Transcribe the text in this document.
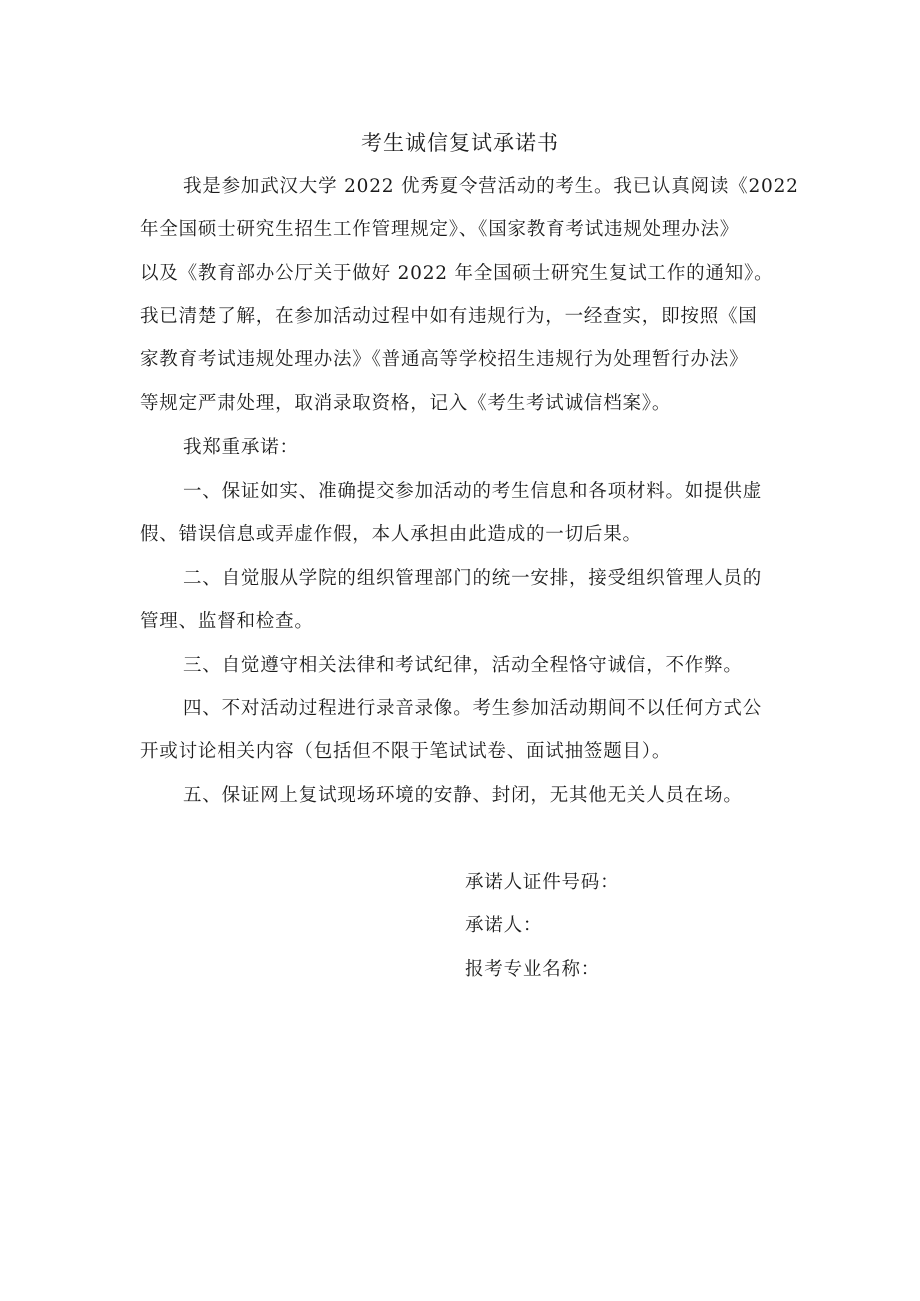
考生诚信复试承诺书
我是参加武汉大学 2022 优秀夏令营活动的考生。我已认真阅读《2022
年全国硕士研究生招生工作管理规定》、《国家教育考试违规处理办法》
以及《教育部办公厅关于做好 2022 年全国硕士研究生复试工作的通知》。
我已清楚了解，在参加活动过程中如有违规行为，一经查实，即按照《国
家教育考试违规处理办法》《普通高等学校招生违规行为处理暂行办法》
等规定严肃处理，取消录取资格，记入《考生考试诚信档案》。
我郑重承诺：
一、保证如实、准确提交参加活动的考生信息和各项材料。如提供虚
假、错误信息或弄虚作假，本人承担由此造成的一切后果。
二、自觉服从学院的组织管理部门的统一安排，接受组织管理人员的
管理、监督和检查。
三、自觉遵守相关法律和考试纪律，活动全程恪守诚信，不作弊。
四、不对活动过程进行录音录像。考生参加活动期间不以任何方式公
开或讨论相关内容（包括但不限于笔试试卷、面试抽签题目）。
五、保证网上复试现场环境的安静、封闭，无其他无关人员在场。
承诺人证件号码：
承诺人：
报考专业名称：
